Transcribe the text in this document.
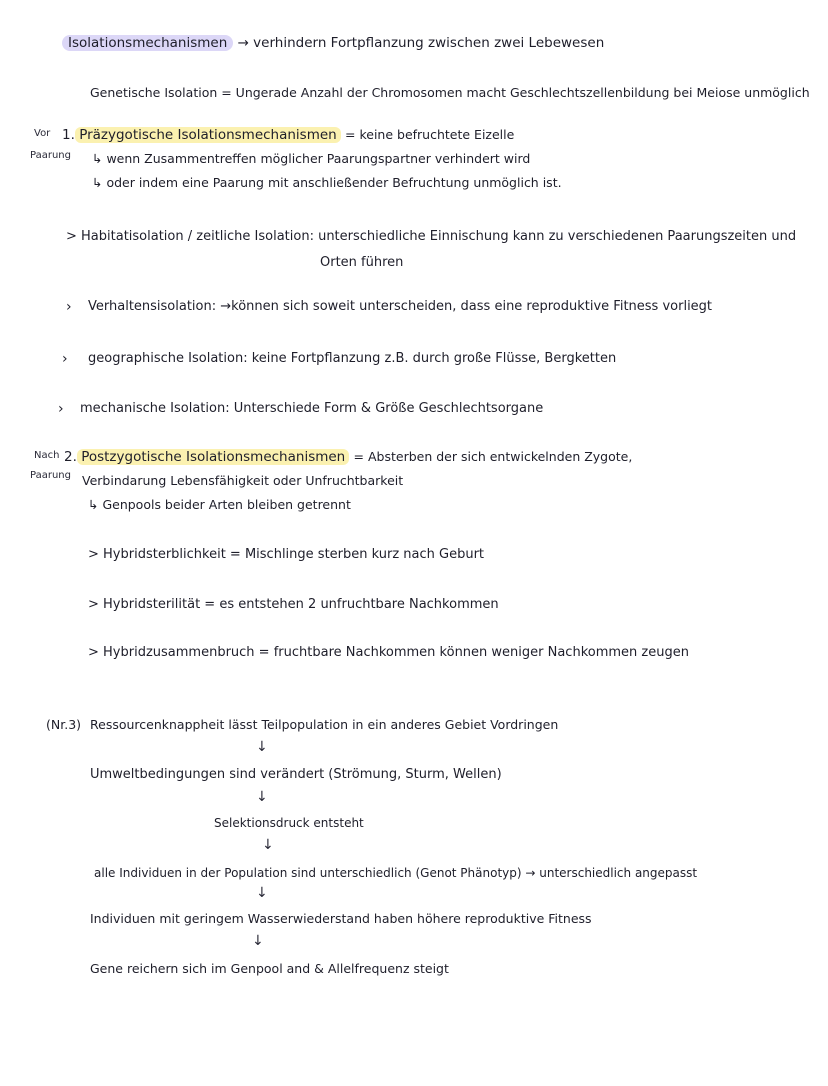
Isolationsmechanismen → verhindern Fortpflanzung zwischen zwei Lebewesen
Genetische Isolation = Ungerade Anzahl der Chromosomen macht Geschlechtszellenbildung bei Meiose unmöglich
Vor
Paarung
1. Präzygotische Isolationsmechanismen = keine befruchtete Eizelle
↳ wenn Zusammentreffen möglicher Paarungspartner verhindert wird
↳ oder indem eine Paarung mit anschließender Befruchtung unmöglich ist.
> Habitatisolation / zeitliche Isolation: unterschiedliche Einnischung kann zu verschiedenen Paarungszeiten und
Orten führen
› Verhaltensisolation: →können sich soweit unterscheiden, dass eine reproduktive Fitness vorliegt
› geographische Isolation: keine Fortpflanzung z.B. durch große Flüsse, Bergketten
› mechanische Isolation: Unterschiede Form & Größe Geschlechtsorgane
Nach
Paarung
2. Postzygotische Isolationsmechanismen = Absterben der sich entwickelnden Zygote,
Verbindarung Lebensfähigkeit oder Unfruchtbarkeit
↳ Genpools beider Arten bleiben getrennt
> Hybridsterblichkeit = Mischlinge sterben kurz nach Geburt
> Hybridsterilität = es entstehen 2 unfruchtbare Nachkommen
> Hybridzusammenbruch = fruchtbare Nachkommen können weniger Nachkommen zeugen
(Nr.3) Ressourcenknappheit lässt Teilpopulation in ein anderes Gebiet Vordringen
↓
Umweltbedingungen sind verändert (Strömung, Sturm, Wellen)
↓
Selektionsdruck entsteht
↓
alle Individuen in der Population sind unterschiedlich (Genot Phänotyp) → unterschiedlich angepasst
↓
Individuen mit geringem Wasserwiederstand haben höhere reproduktive Fitness
↓
Gene reichern sich im Genpool and & Allelfrequenz steigt
